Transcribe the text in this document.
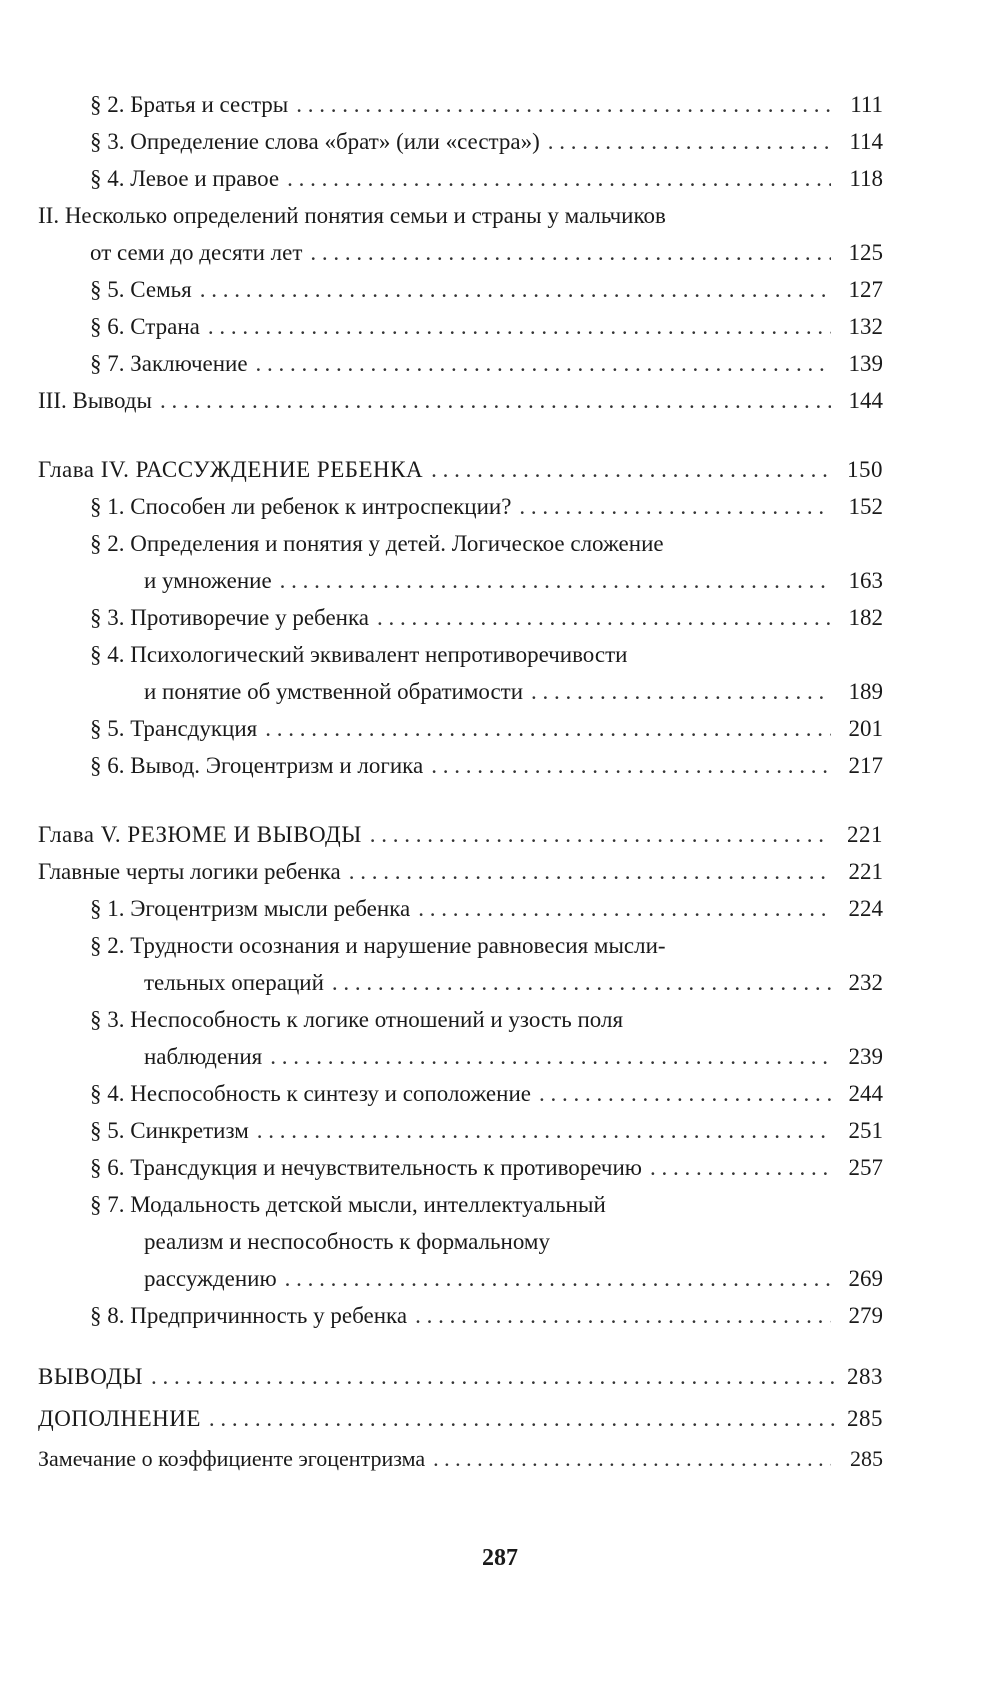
§ 2. Братья и сестры . . .	111
§ 3. Определение слова «брат» (или «сестра») . . .	114
§ 4. Левое и правое . . .	118
II. Несколько определений понятия семьи и страны у мальчиков
от семи до десяти лет . . .	125
§ 5. Семья . . .	127
§ 6. Страна . . .	132
§ 7. Заключение . . .	139
III. Выводы . . .	144
Глава IV. РАССУЖДЕНИЕ РЕБЕНКА . . .	150
§ 1. Способен ли ребенок к интроспекции? . . .	152
§ 2. Определения и понятия у детей. Логическое сложение
и умножение . . .	163
§ 3. Противоречие у ребенка . . .	182
§ 4. Психологический эквивалент непротиворечивости
и понятие об умственной обратимости . . .	189
§ 5. Трансдукция . . .	201
§ 6. Вывод. Эгоцентризм и логика . . .	217
Глава V. РЕЗЮМЕ И ВЫВОДЫ . . .	221
Главные черты логики ребенка . . .	221
§ 1. Эгоцентризм мысли ребенка . . .	224
§ 2. Трудности осознания и нарушение равновесия мысли-
тельных операций . . .	232
§ 3. Неспособность к логике отношений и узость поля
наблюдения . . .	239
§ 4. Неспособность к синтезу и соположение . . .	244
§ 5. Синкретизм . . .	251
§ 6. Трансдукция и нечувствительность к противоречию . . .	257
§ 7. Модальность детской мысли, интеллектуальный
реализм и неспособность к формальному
рассуждению . . .	269
§ 8. Предпричинность у ребенка . . .	279
ВЫВОДЫ . . .	283
ДОПОЛНЕНИЕ . . .	285
Замечание о коэффициенте эгоцентризма . . .	285
287
